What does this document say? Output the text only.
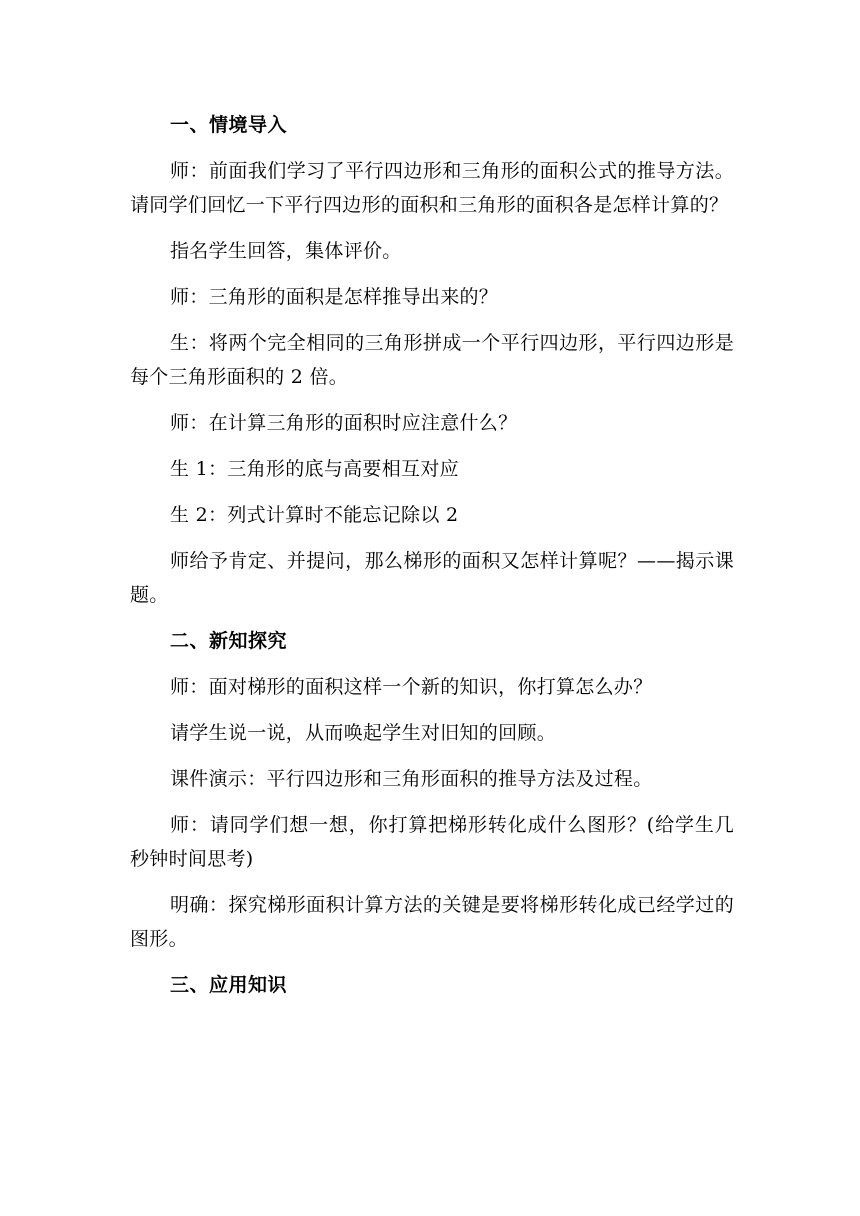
一、情境导入
师：前面我们学习了平行四边形和三角形的面积公式的推导方法。请同学们回忆一下平行四边形的面积和三角形的面积各是怎样计算的？
指名学生回答，集体评价。
师：三角形的面积是怎样推导出来的？
生：将两个完全相同的三角形拼成一个平行四边形，平行四边形是每个三角形面积的 2 倍。
师：在计算三角形的面积时应注意什么？
生 1：三角形的底与高要相互对应
生 2：列式计算时不能忘记除以 2
师给予肯定、并提问，那么梯形的面积又怎样计算呢？——揭示课题。
二、新知探究
师：面对梯形的面积这样一个新的知识，你打算怎么办？
请学生说一说，从而唤起学生对旧知的回顾。
课件演示：平行四边形和三角形面积的推导方法及过程。
师：请同学们想一想，你打算把梯形转化成什么图形？(给学生几秒钟时间思考)
明确：探究梯形面积计算方法的关键是要将梯形转化成已经学过的图形。
三、应用知识
